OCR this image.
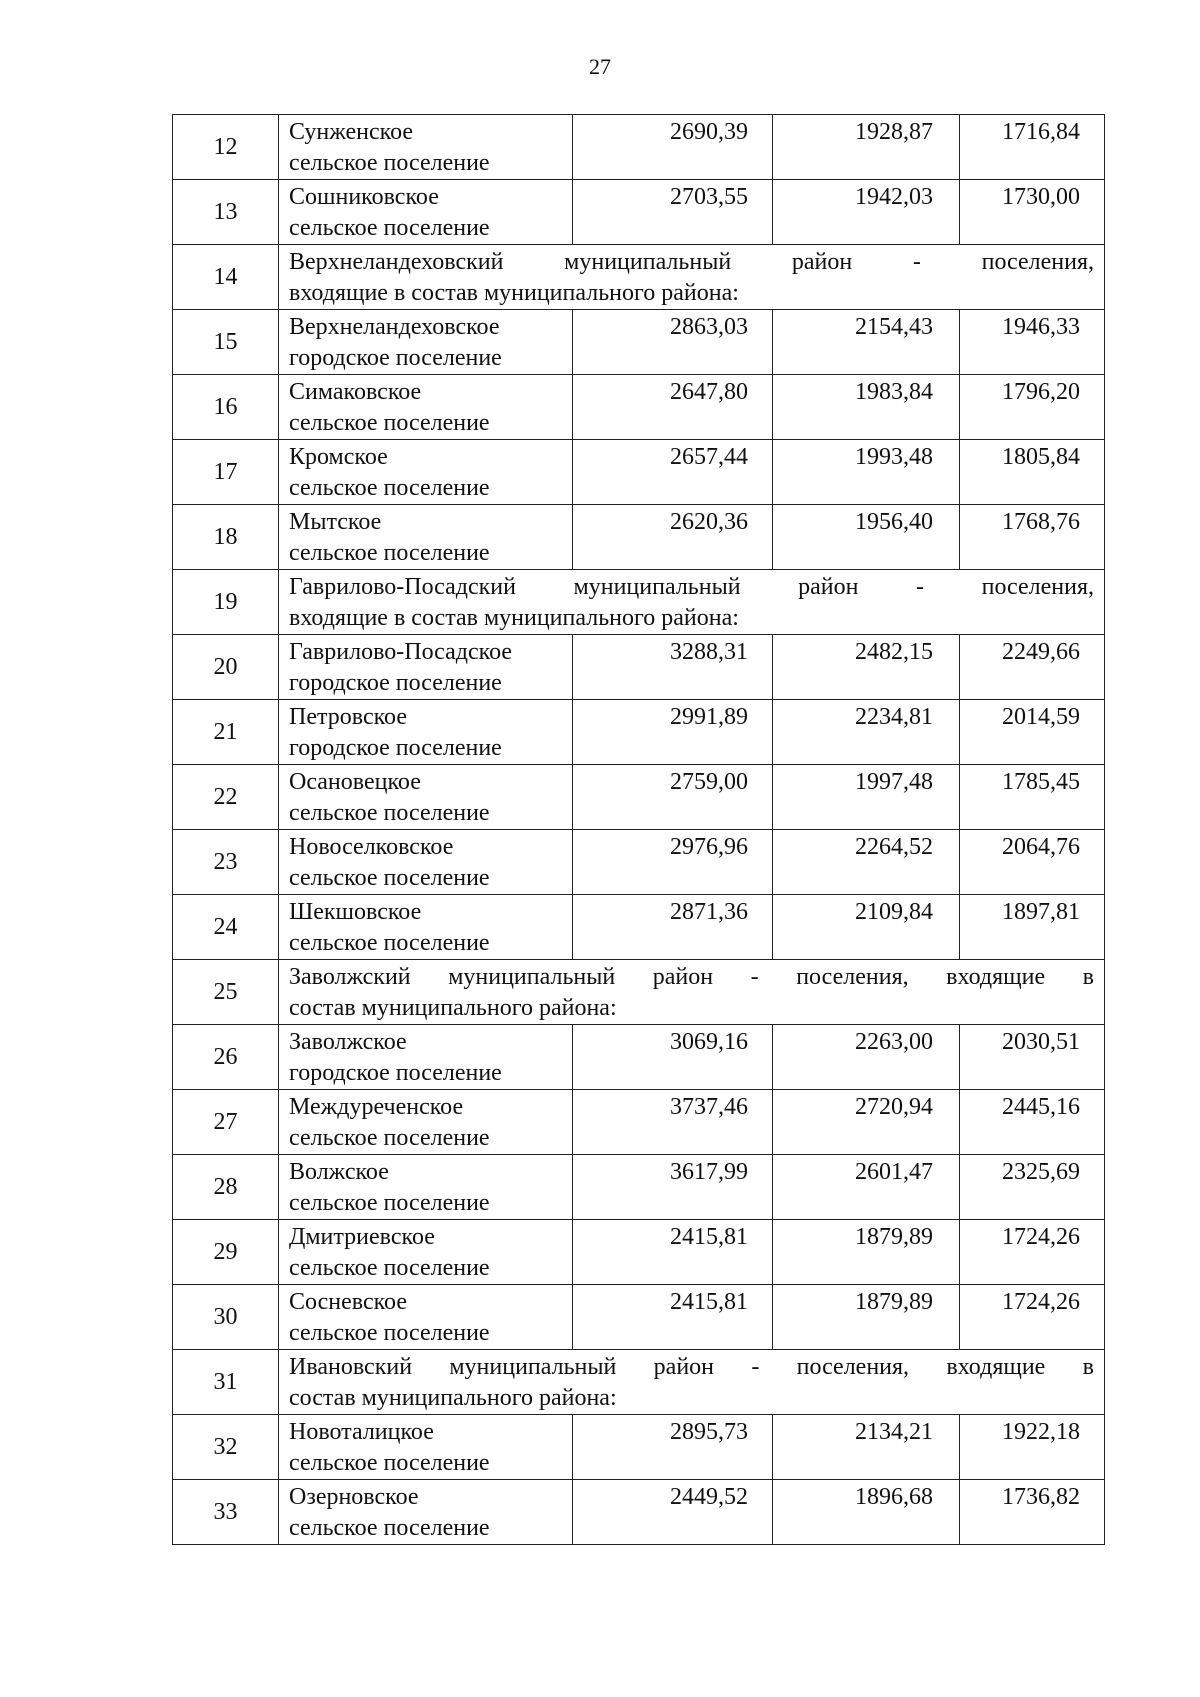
27
12	Сунженское
сельское поселение	2690,39	1928,87	1716,84
13	Сошниковское
сельское поселение	2703,55	1942,03	1730,00
14	Верхнеландеховский муниципальный район - поселения,
входящие в состав муниципального района:			

15	Верхнеландеховское
городское поселение	2863,03	2154,43	1946,33
16	Симаковское
сельское поселение	2647,80	1983,84	1796,20
17	Кромское
сельское поселение	2657,44	1993,48	1805,84
18	Мытское
сельское поселение	2620,36	1956,40	1768,76
19	Гаврилово-Посадский муниципальный район - поселения,
входящие в состав муниципального района:			

20	Гаврилово-Посадское
городское поселение	3288,31	2482,15	2249,66
21	Петровское
городское поселение	2991,89	2234,81	2014,59
22	Осановецкое
сельское поселение	2759,00	1997,48	1785,45
23	Новоселковское
сельское поселение	2976,96	2264,52	2064,76
24	Шекшовское
сельское поселение	2871,36	2109,84	1897,81
25	Заволжский муниципальный район - поселения, входящие в
состав муниципального района:			

26	Заволжское
городское поселение	3069,16	2263,00	2030,51
27	Междуреченское
сельское поселение	3737,46	2720,94	2445,16
28	Волжское
сельское поселение	3617,99	2601,47	2325,69
29	Дмитриевское
сельское поселение	2415,81	1879,89	1724,26
30	Сосневское
сельское поселение	2415,81	1879,89	1724,26
31	Ивановский муниципальный район - поселения, входящие в
состав муниципального района:			

32	Новоталицкое
сельское поселение	2895,73	2134,21	1922,18
33	Озерновское
сельское поселение	2449,52	1896,68	1736,82
